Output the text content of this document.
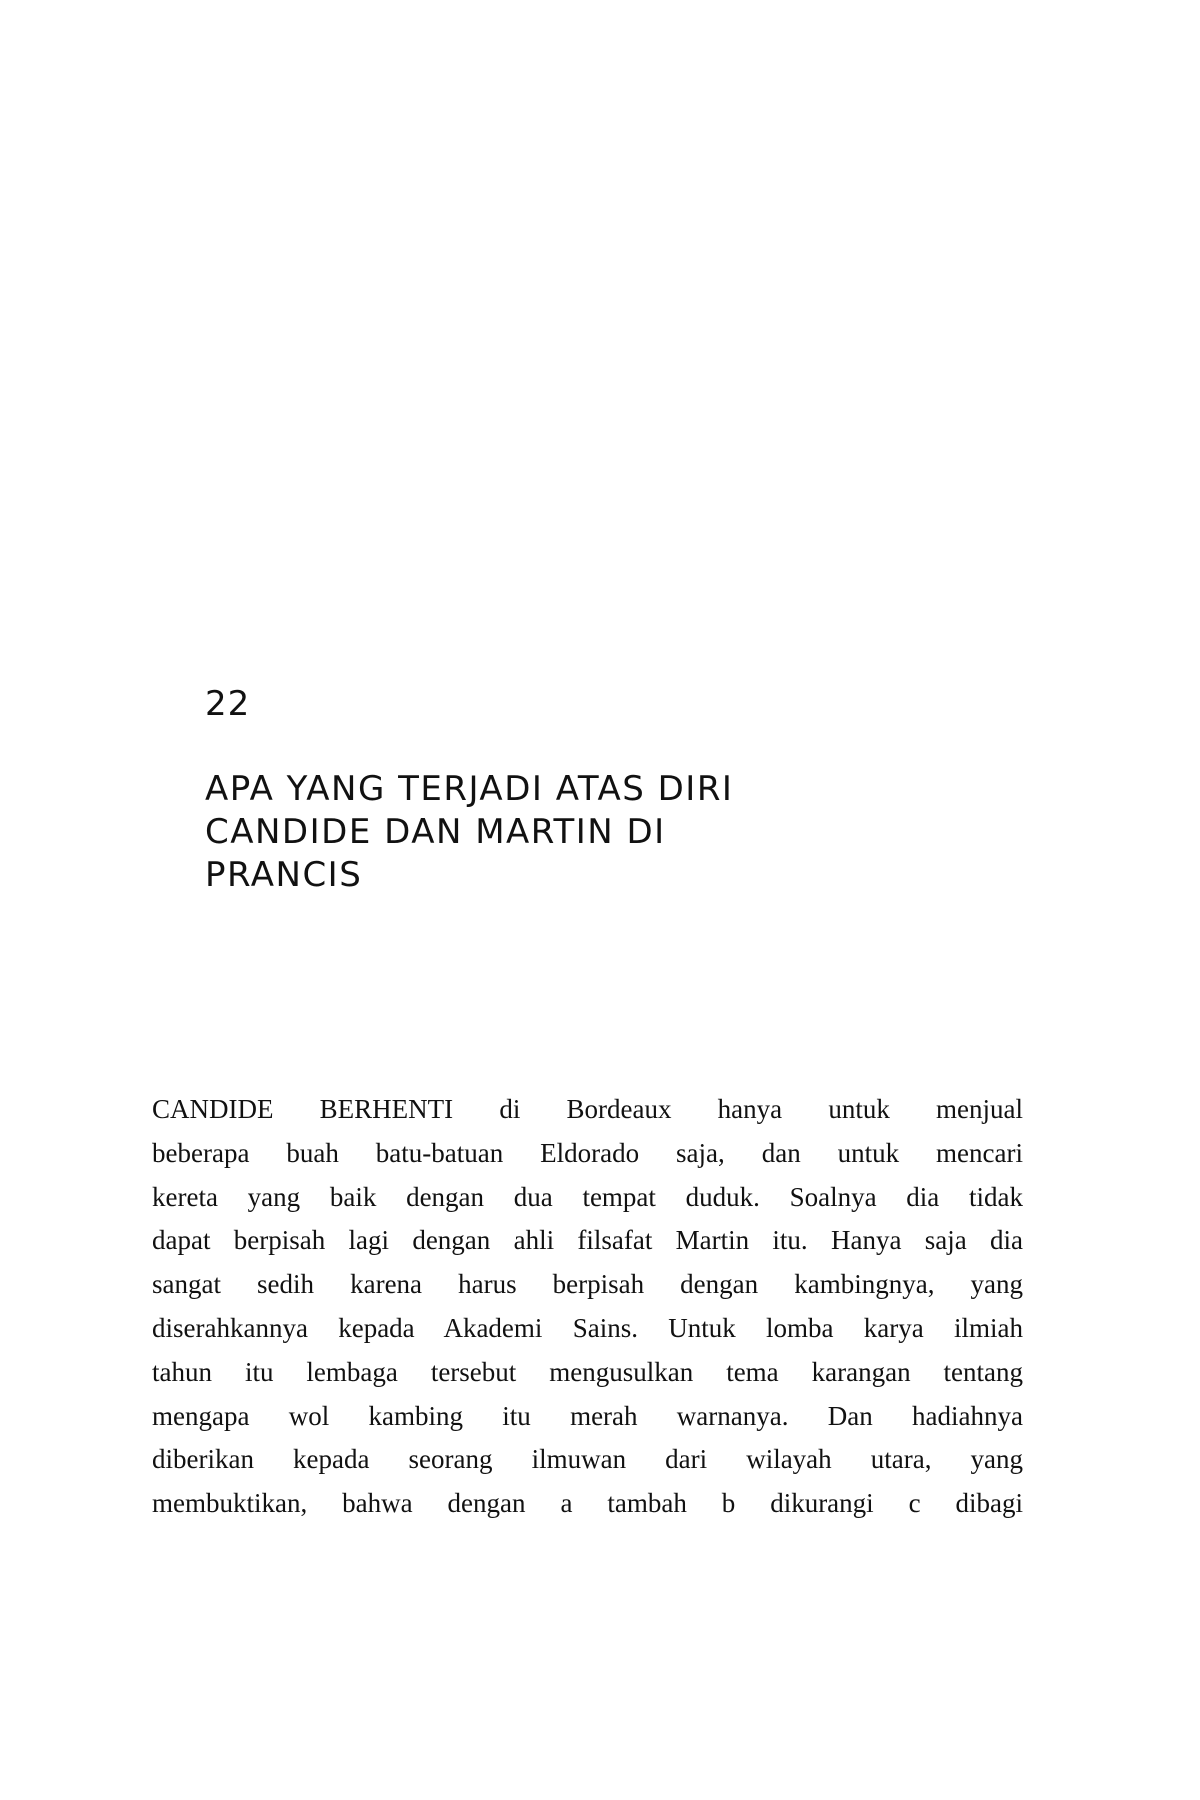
22
APA YANG TERJADI ATAS DIRI
CANDIDE DAN MARTIN DI
PRANCIS
CANDIDE BERHENTI di Bordeaux hanya untuk menjual
beberapa buah batu-batuan Eldorado saja, dan untuk mencari
kereta yang baik dengan dua tempat duduk. Soalnya dia tidak
dapat berpisah lagi dengan ahli filsafat Martin itu. Hanya saja dia
sangat sedih karena harus berpisah dengan kambingnya, yang
diserahkannya kepada Akademi Sains. Untuk lomba karya ilmiah
tahun itu lembaga tersebut mengusulkan tema karangan tentang
mengapa wol kambing itu merah warnanya. Dan hadiahnya
diberikan kepada seorang ilmuwan dari wilayah utara, yang
membuktikan, bahwa dengan a tambah b dikurangi c dibagi
